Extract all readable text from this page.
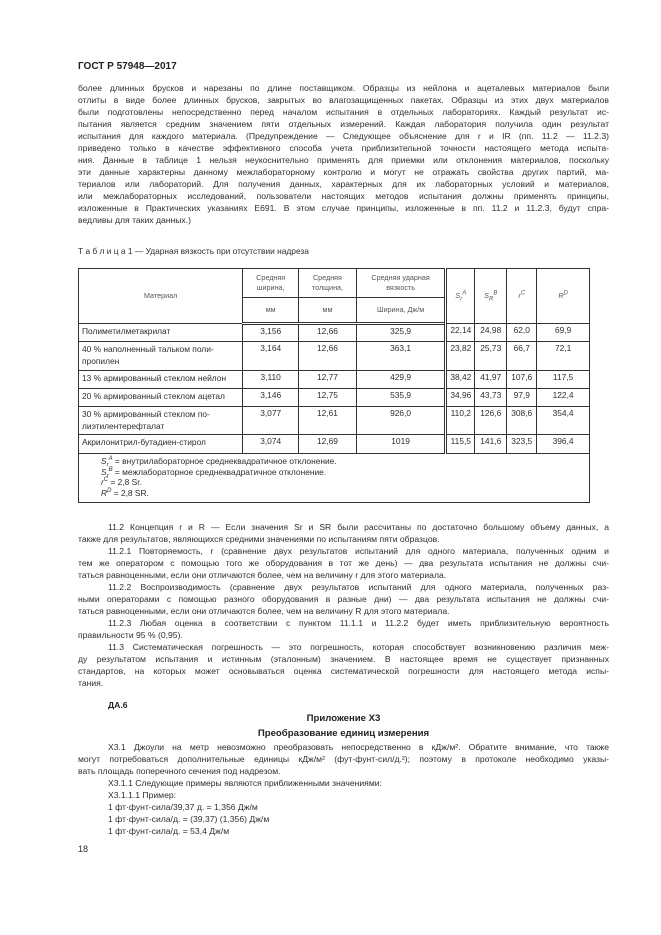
ГОСТ Р 57948—2017
более длинных брусков и нарезаны по длине поставщиком. Образцы из нейлона и ацеталевых материалов были
отлиты в виде более длинных брусков, закрытых во влагозащищенных пакетах. Образцы из этих двух материалов
были подготовлены непосредственно перед началом испытания в отдельных лабораториях. Каждый результат ис-
пытания является средним значением пяти отдельных измерений. Каждая лаборатория получила один результат
испытания для каждого материала. (Предупреждение — Следующее объяснение для r и IR (пп. 11.2 — 11.2.3)
приведено только в качестве эффективного способа учета приблизительной точности настоящего метода испыта-
ния. Данные в таблице 1 нельзя неукоснительно применять для приемки или отклонения материалов, поскольку
эти данные характерны данному межлабораторному контролю и могут не отражать свойства других партий, ма-
териалов или лабораторий. Для получения данных, характерных для их лабораторных условий и материалов,
или межлабораторных исследований, пользователи настоящих методов испытания должны применять принципы,
изложенные в Практических указаниях E691. В этом случае принципы, изложенные в пп. 11.2 и 11.2.3, будут спра-
ведливы для таких данных.)
Т а б л и ц а 1 — Ударная вязкость при отсутствии надреза
Материал	Средняя ширина,	Средняя толщина,	Средняя ударная вязкость	$S_r^A$	$S_R^B$	$r^C$	$R^D$
	мм	мм	Ширина, Дж/м				
Полиметилметакрилат	3,156	12,66	325,9	22,14	24,98	62,0	69,9
40 % наполненный тальком поли-пропилен	3,164	12,66	363,1	23,82	25,73	66,7	72,1
13 % армированный стеклом нейлон	3,110	12,77	429,9	38,42	41,97	107,6	117,5
20 % армированный стеклом ацетал	3,146	12,75	535,9	34,96	43,73	97,9	122,4
30 % армированный стеклом по-лиэтилентерефталат	3,077	12,61	926,0	110,2	126,6	308,6	354,4
Акрилонитрил-бутадиен-стирол	3,074	12,69	1019	115,5	141,6	323,5	396,4

$S_r^A$ = внутрилабораторное среднеквадратичное отклонение.
$S_r^B$ = межлабораторное среднеквадратичное отклонение.
$r^C = 2,8$ Sr.
$R^D = 2,8$ SR.							
11.2 Концепция r и R — Если значения Sr и SR были рассчитаны по достаточно большому объему данных, а
также для результатов, являющихся средними значениями по испытаниям пяти образцов.
11.2.1 Повторяемость, r (сравнение двух результатов испытаний для одного материала, полученных одним и
тем же оператором с помощью того же оборудования в тот же день) — два результата испытания не должны счи-
таться равноценными, если они отличаются более, чем на величину r для этого материала.
11.2.2 Воспроизводимость (сравнение двух результатов испытаний для одного материала, полученных раз-
ными операторами с помощью разного оборудования в разные дни) — два результата испытания не должны счи-
таться равноценными, если они отличаются более, чем на величину R для этого материала.
11.2.3 Любая оценка в соответствии с пунктом 11.1.1 и 11.2.2 будет иметь приблизительную вероятность
правильности 95 % (0,95).
11.3 Систематическая погрешность — это погрешность, которая способствует возникновению различия меж-
ду результатом испытания и истинным (эталонным) значением. В настоящее время не существует признанных
стандартов, на которых может основываться оценка систематической погрешности для настоящего метода испы-
тания.
ДА.6
Приложение Х3
Преобразование единиц измерения
Х3.1 Джоули на метр невозможно преобразовать непосредственно в кДж/м². Обратите внимание, что также
могут потребоваться дополнительные единицы кДж/м² (фут-фунт-сил/д.²); поэтому в протоколе необходимо указы-
вать площадь поперечного сечения под надрезом.
Х3.1.1 Следующие примеры являются приближенными значениями:
Х3.1.1.1 Пример:
1 фт·фунт-сила/39,37 д. = 1,356 Дж/м
1 фт·фунт-сила/д. = (39,37) (1,356) Дж/м
1 фт·фунт-сила/д. = 53,4 Дж/м
18
